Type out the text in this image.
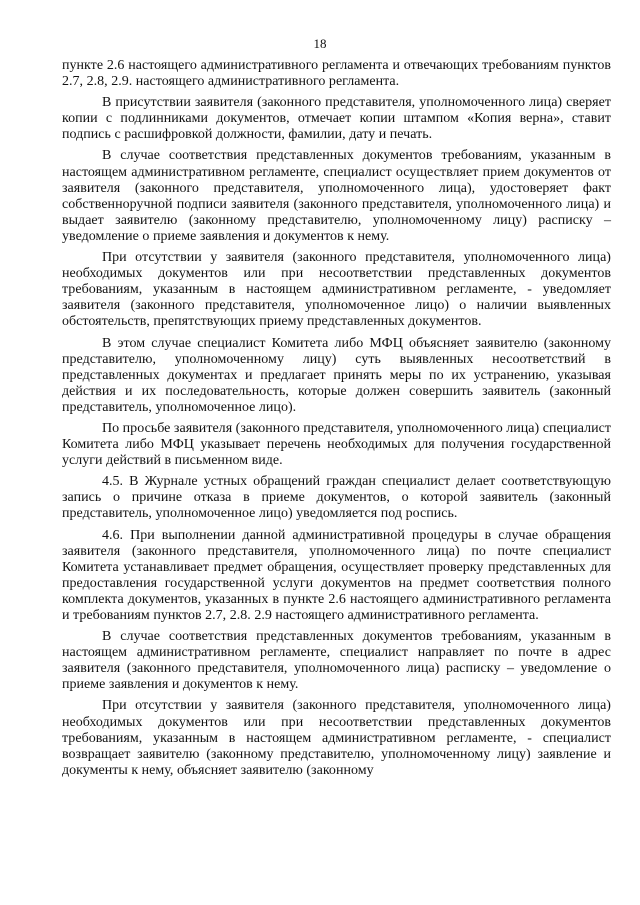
18

пункте 2.6 настоящего административного регламента и отвечающих требованиям пунктов 2.7, 2.8, 2.9. настоящего административного регламента.

В присутствии заявителя (законного представителя, уполномоченного лица) сверяет копии с подлинниками документов, отмечает копии штампом «Копия верна», ставит подпись с расшифровкой должности, фамилии, дату и печать.

В случае соответствия представленных документов требованиям, указанным в настоящем административном регламенте, специалист осуществляет прием документов от заявителя (законного представителя, уполномоченного лица), удостоверяет факт собственноручной подписи заявителя (законного представителя, уполномоченного лица) и выдает заявителю (законному представителю, уполномоченному лицу) расписку – уведомление о приеме заявления и документов к нему.

При отсутствии у заявителя (законного представителя, уполномоченного лица) необходимых документов или при несоответствии представленных документов требованиям, указанным в настоящем административном регламенте, - уведомляет заявителя (законного представителя, уполномоченное лицо) о наличии выявленных обстоятельств, препятствующих приему представленных документов.

В этом случае специалист Комитета либо МФЦ объясняет заявителю (законному представителю, уполномоченному лицу) суть выявленных несоответствий в представленных документах и предлагает принять меры по их устранению, указывая действия и их последовательность, которые должен совершить заявитель (законный представитель, уполномоченное лицо).

По просьбе заявителя (законного представителя, уполномоченного лица) специалист Комитета либо МФЦ указывает перечень необходимых для получения государственной услуги действий в письменном виде.

4.5. В Журнале устных обращений граждан специалист делает соответствующую запись о причине отказа в приеме документов, о которой заявитель (законный представитель, уполномоченное лицо) уведомляется под роспись.

4.6. При выполнении данной административной процедуры в случае обращения заявителя (законного представителя, уполномоченного лица) по почте специалист Комитета устанавливает предмет обращения, осуществляет проверку представленных для предоставления государственной услуги документов на предмет соответствия полного комплекта документов, указанных в пункте 2.6 настоящего административного регламента и требованиям пунктов 2.7, 2.8. 2.9 настоящего административного регламента.

В случае соответствия представленных документов требованиям, указанным в настоящем административном регламенте, специалист направляет по почте в адрес заявителя (законного представителя, уполномоченного лица) расписку – уведомление о приеме заявления и документов к нему.

При отсутствии у заявителя (законного представителя, уполномоченного лица) необходимых документов или при несоответствии представленных документов требованиям, указанным в настоящем административном регламенте, - специалист возвращает заявителю (законному представителю, уполномоченному лицу) заявление и документы к нему, объясняет заявителю (законному
